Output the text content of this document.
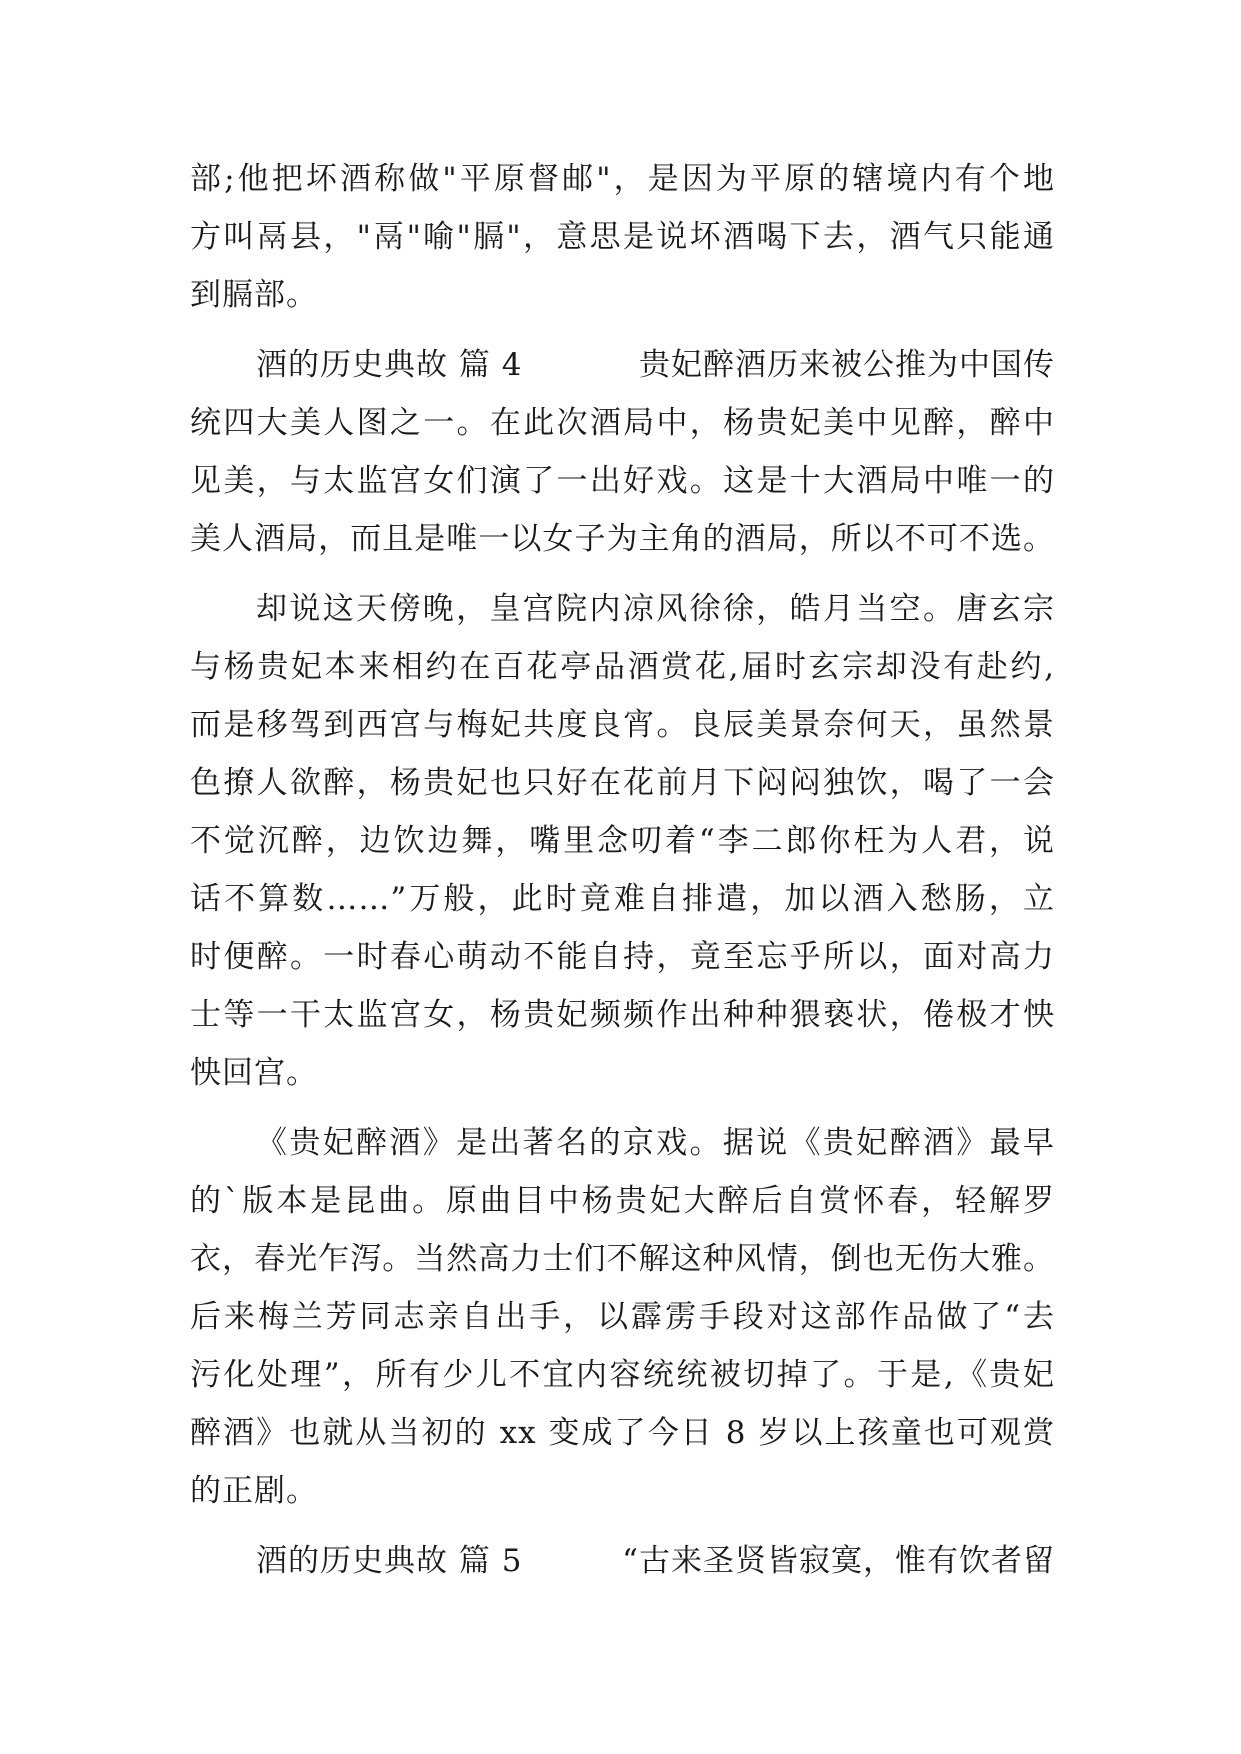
部;他把坏酒称做"平原督邮"，是因为平原的辖境内有个地
方叫鬲县，"鬲"喻"膈"，意思是说坏酒喝下去，酒气只能通
到膈部。
酒的历史典故 篇 4	贵妃醉酒历来被公推为中国传
统四大美人图之一。在此次酒局中，杨贵妃美中见醉，醉中
见美，与太监宫女们演了一出好戏。这是十大酒局中唯一的
美人酒局，而且是唯一以女子为主角的酒局，所以不可不选。
却说这天傍晚，皇宫院内凉风徐徐，皓月当空。唐玄宗
与杨贵妃本来相约在百花亭品酒赏花,届时玄宗却没有赴约,
而是移驾到西宫与梅妃共度良宵。良辰美景奈何天，虽然景
色撩人欲醉，杨贵妃也只好在花前月下闷闷独饮，喝了一会
不觉沉醉，边饮边舞，嘴里念叨着“李二郎你枉为人君，说
话不算数……”万般，此时竟难自排遣，加以酒入愁肠，立
时便醉。一时春心萌动不能自持，竟至忘乎所以，面对高力
士等一干太监宫女，杨贵妃频频作出种种猥亵状，倦极才怏
怏回宫。
《贵妃醉酒》是出著名的京戏。据说《贵妃醉酒》最早
的`版本是昆曲。原曲目中杨贵妃大醉后自赏怀春，轻解罗
衣，春光乍泻。当然高力士们不解这种风情，倒也无伤大雅。
后来梅兰芳同志亲自出手，以霹雳手段对这部作品做了“去
污化处理”，所有少儿不宜内容统统被切掉了。于是,《贵妃
醉酒》也就从当初的 xx 变成了今日 8 岁以上孩童也可观赏
的正剧。
酒的历史典故 篇 5	“古来圣贤皆寂寞，惟有饮者留
